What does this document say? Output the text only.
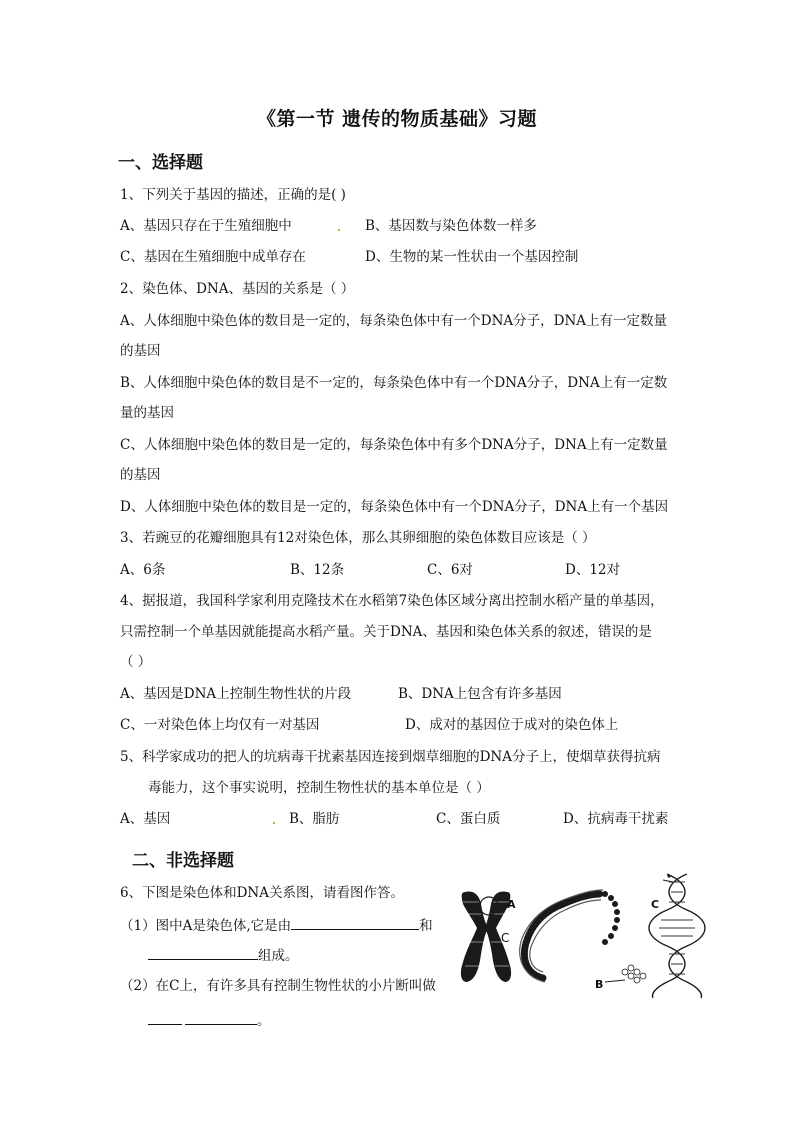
《第一节 遗传的物质基础》习题
一、选择题
1、下列关于基因的描述，正确的是( )
A、基因只存在于生殖细胞中	B、基因数与染色体数一样多
C、基因在生殖细胞中成单存在	D、生物的某一性状由一个基因控制
2、染色体、DNA、基因的关系是（ ）
A、人体细胞中染色体的数目是一定的，每条染色体中有一个DNA分子，DNA上有一定数量
的基因
B、人体细胞中染色体的数目是不一定的，每条染色体中有一个DNA分子，DNA上有一定数
量的基因
C、人体细胞中染色体的数目是一定的，每条染色体中有多个DNA分子，DNA上有一定数量
的基因
D、人体细胞中染色体的数目是一定的，每条染色体中有一个DNA分子，DNA上有一个基因
3、若豌豆的花瓣细胞具有12对染色体，那么其卵细胞的染色体数目应该是（ ）
A、6条	B、12条	C、6对	D、12对
4、据报道，我国科学家利用克隆技术在水稻第7染色体区域分离出控制水稻产量的单基因，
只需控制一个单基因就能提高水稻产量。关于DNA、基因和染色体关系的叙述，错误的是
（ ）
A、基因是DNA上控制生物性状的片段	B、DNA上包含有许多基因
C、一对染色体上均仅有一对基因	D、成对的基因位于成对的染色体上
5、科学家成功的把人的坑病毒干扰素基因连接到烟草细胞的DNA分子上，使烟草获得抗病
毒能力，这个事实说明，控制生物性状的基本单位是（ ）
A、基因	B、脂肪	C、蛋白质	D、抗病毒干扰素
二、非选择题
6、下图是染色体和DNA关系图，请看图作答。
（1）图中A是染色体,它是由	和
组成。
（2）在C上，有许多具有控制生物性状的小片断叫做
。
A
C
B
C
